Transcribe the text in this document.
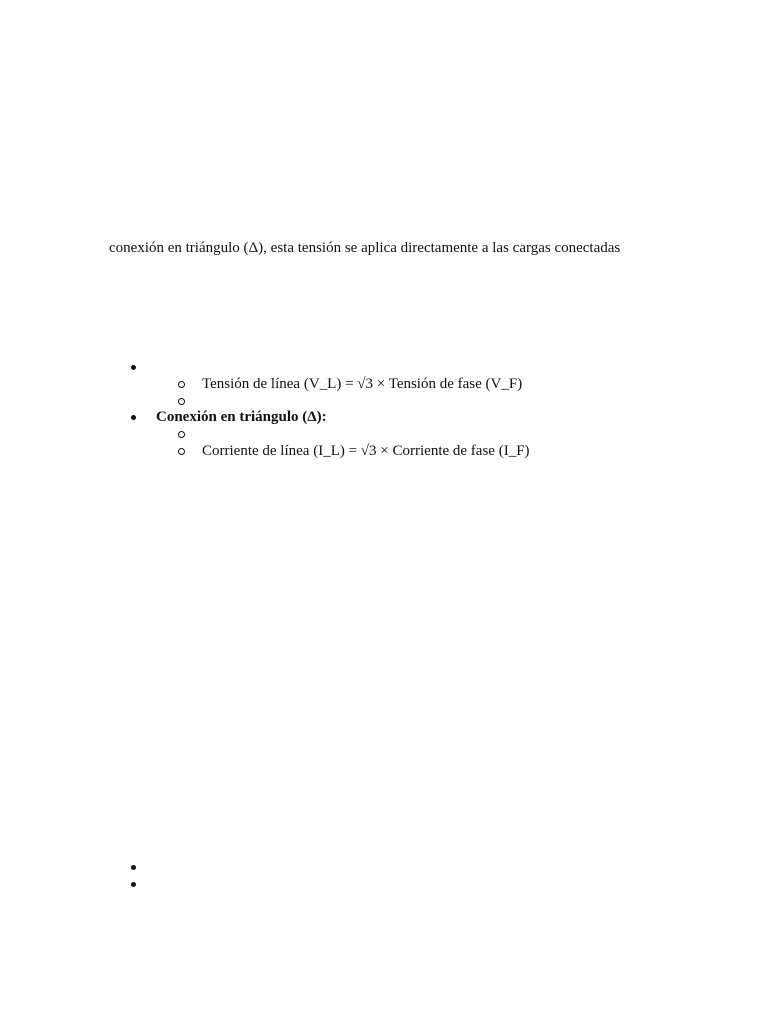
conexión en triángulo (Δ), esta tensión se aplica directamente a las cargas conectadas
Tensión de línea (V_L) = √3 × Tensión de fase (V_F)
Conexión en triángulo (Δ):
Corriente de línea (I_L) = √3 × Corriente de fase (I_F)
